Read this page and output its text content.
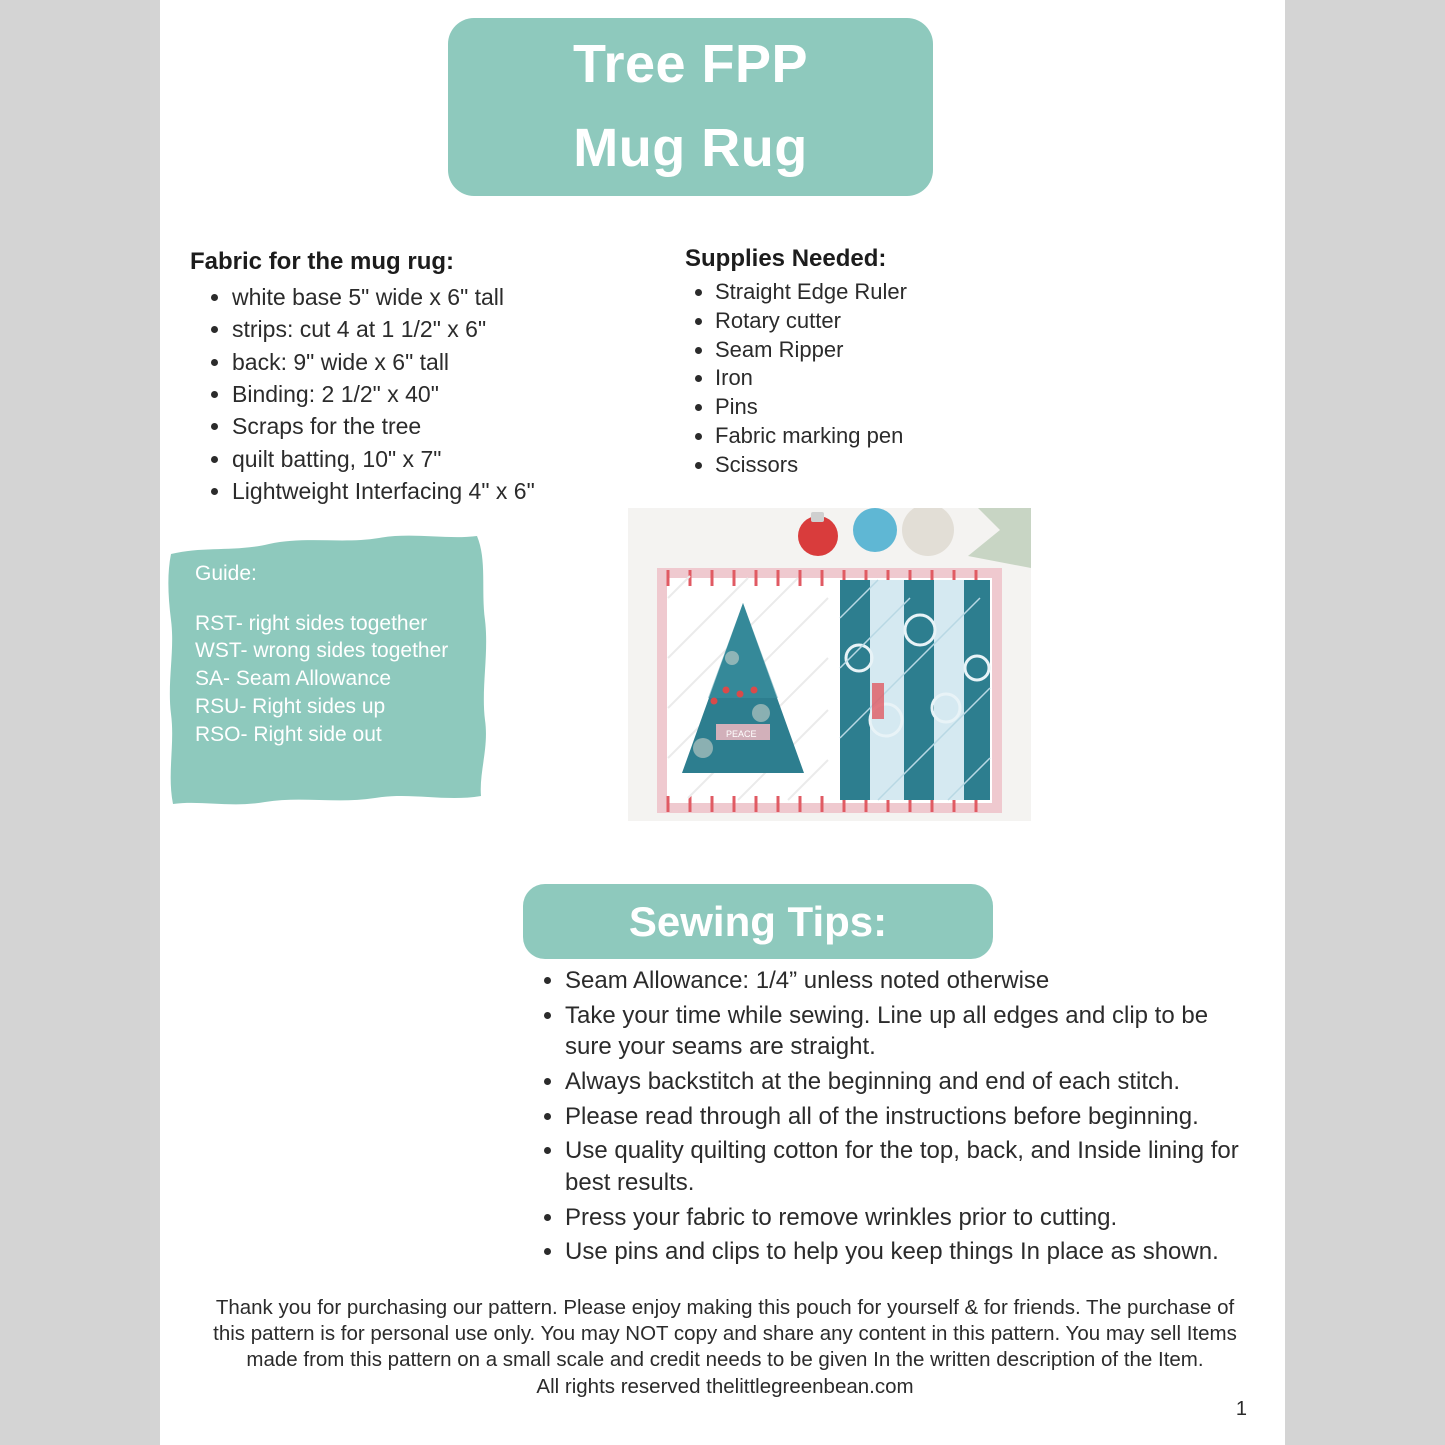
Tree FPP
Mug Rug
Fabric for the mug rug:
• white base 5" wide x 6" tall
• strips: cut 4 at 1 1/2" x 6"
• back: 9" wide x 6" tall
• Binding: 2 1/2" x 40"
• Scraps for the tree
• quilt batting, 10" x 7"
• Lightweight Interfacing 4" x 6"
Supplies Needed:
• Straight Edge Ruler
• Rotary cutter
• Seam Ripper
• Iron
• Pins
• Fabric marking pen
• Scissors
Guide:
RST- right sides together
WST- wrong sides together
SA- Seam Allowance
RSU- Right sides up
RSO- Right side out	PEACE
Sewing Tips:
• Seam Allowance: 1/4” unless noted otherwise
• Take your time while sewing. Line up all edges and clip to be sure your seams are straight.
• Always backstitch at the beginning and end of each stitch.
• Please read through all of the instructions before beginning.
• Use quality quilting cotton for the top, back, and Inside lining for best results.
• Press your fabric to remove wrinkles prior to cutting.
• Use pins and clips to help you keep things In place as shown.
Thank you for purchasing our pattern. Please enjoy making this pouch for yourself & for friends. The purchase of
this pattern is for personal use only. You may NOT copy and share any content in this pattern. You may sell Items
made from this pattern on a small scale and credit needs to be given In the written description of the Item.
All rights reserved thelittlegreenbean.com
1
